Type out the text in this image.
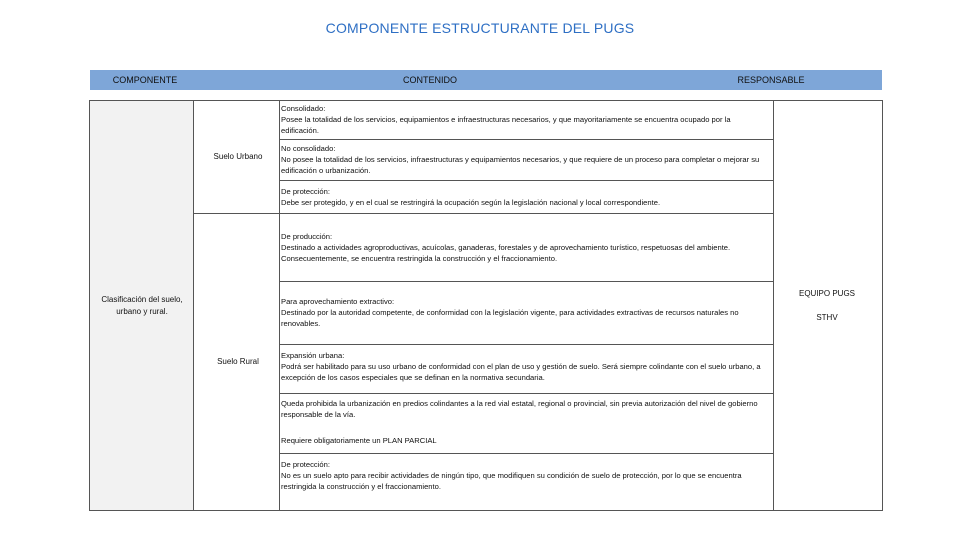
COMPONENTE ESTRUCTURANTE DEL PUGS
COMPONENTE	CONTENIDO	RESPONSABLE
Clasificación del suelo, urbano y rural.
Suelo Urbano
Suelo Rural
Consolidado:
Posee la totalidad de los servicios, equipamientos e infraestructuras necesarios, y que mayoritariamente se encuentra ocupado por la edificación.
No consolidado:
No posee la totalidad de los servicios, infraestructuras y equipamientos necesarios, y que requiere de un proceso para completar o mejorar su edificación o urbanización.
De protección:
Debe ser protegido, y en el cual se restringirá la ocupación según la legislación nacional y local correspondiente.
De producción:
Destinado a actividades agroproductivas, acuícolas, ganaderas, forestales y de aprovechamiento turístico, respetuosas del ambiente. Consecuentemente, se encuentra restringida la construcción y el fraccionamiento.
Para aprovechamiento extractivo:
Destinado por la autoridad competente, de conformidad con la legislación vigente, para actividades extractivas de recursos naturales no renovables.
Expansión urbana:
Podrá ser habilitado para su uso urbano de conformidad con el plan de uso y gestión de suelo. Será siempre colindante con el suelo urbano, a excepción de los casos especiales que se definan en la normativa secundaria.
Queda prohibida la urbanización en predios colindantes a la red vial estatal, regional o provincial, sin previa autorización del nivel de gobierno responsable de la vía.
Requiere obligatoriamente un PLAN PARCIAL
De protección:
No es un suelo apto para recibir actividades de ningún tipo, que modifiquen su condición de suelo de protección, por lo que se encuentra restringida la construcción y el fraccionamiento.
EQUIPO PUGS
STHV
